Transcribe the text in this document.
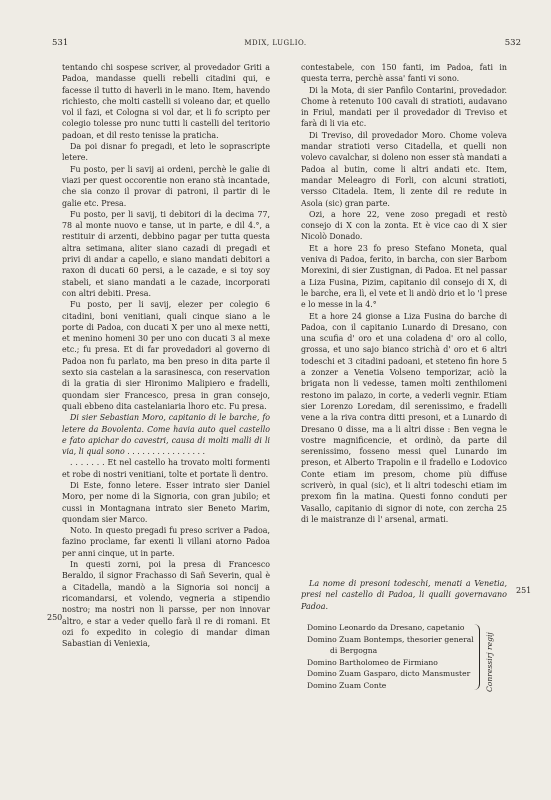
531	MDIX, LUGLIO.	532

tentando chi sospese scriver, al provedador Griti a Padoa, mandasse quelli rebelli citadini qui, e facesse il tutto di haverli in le mano. Item, havendo richiesto, che molti castelli si voleano dar, et quello vol il fazi, et Cologna si vol dar, et li fo scripto per colegio tolesse pro nunc tutti li castelli del teritorio padoan, et dil resto tenisse la praticha.

Da poi disnar fo pregadi, et leto le soprascripte letere.

Fu posto, per li savij ai ordeni, perchè le galie di viazi per quest occorentie non erano stà incantade, che sia conzo il provar di patroni, il partir di le galie etc. Presa.

Fu posto, per li savij, ti debitori di la decima 77, 78 al monte nuovo e tanse, ut in parte, e dil 4.°, a restituir di arzenti, debbino pagar per tutta questa altra setimana, aliter siano cazadi di pregadi et privi di andar a capello, e siano mandati debitori a raxon di ducati 60 persi, a le cazade, e si toy soy stabeli, et siano mandati a le cazade, incorporati con altri debiti. Presa.

Fu posto, per li savij, elezer per colegio 6 citadini, boni venitiani, quali cinque siano a le porte di Padoa, con ducati X per uno al mexe netti, et menino homeni 30 per uno con ducati 3 al mexe etc.; fu presa. Et di far provedadori al governo di Padoa non fu parlato, ma ben preso in dita parte il sexto sia castelan a la sarasinesca, con reservation di la gratia di sier Hironimo Malipiero e fradelli, quondam sier Francesco, presa in gran consejo, quali ebbeno dita castelaniaria lhoro etc. Fu presa.

Di sier Sebastian Moro, capitanio di le barche, fo letere da Bovolenta. Come havia auto quel castello e fato apichar do cavestri, causa di molti malli di li via, li qual sono . . . . . . . . . . . . . . . .

. . . . . . . Et nel castello ha trovato molti formenti et robe di nostri venitiani, tolte et portate lì dentro.

Di Este, fonno letere. Esser intrato sier Daniel Moro, per nome di la Signoria, con gran jubilo; et cussi in Montagnana intrato sier Beneto Marim, quondam sier Marco.

Noto. In questo pregadi fu preso scriver a Padoa, fazino proclame, far exenti li villani atorno Padoa per anni cinque, ut in parte.

In questi zorni, poi la presa di Francesco Beraldo, il signor Frachasso di Sañ Severin, qual è a Citadella, mandò a la Signoria soi noncij a ricomandarsi, et volendo, vegneria a stipendio nostro; ma nostri non li parsse, per non innovar altro, e star a veder quello farà il re di romani. Et ozi fo expedito in colegio di mandar diman Sabastian di Veniexia,

250

contestabele, con 150 fanti, im Padoa, fati in questa terra, perchè assa' fanti vi sono.

Di la Mota, di sier Panfilo Contarini, provedador. Chome à retenuto 100 cavali di stratioti, audavano in Friul, mandati per il provedador di Treviso et farà di li via etc.

Di Treviso, dil provedador Moro. Chome voleva mandar stratioti verso Citadella, et quelli non volevo cavalchar, si doleno non esser stà mandati a Padoa al butin, come li altri andati etc. Item, mandar Meleagro di Forli, con alcuni stratioti, versso Citadela. Item, li zente dil re redute in Asola (sic) gran parte.

Ozi, a hore 22, vene zoso pregadi et restò consejo di X con la zonta. Et è vice cao di X sier Nicolò Donado.

Et a hore 23 fo preso Stefano Moneta, qual veniva di Padoa, ferito, in barcha, con sier Barbom Morexini, di sier Zustignan, di Padoa. Et nel passar a Liza Fusina, Pizim, capitanio dil consejo di X, di le barche, era lì, el vete et li andò drio et lo 'l prese e lo messe in la 4.°

Et a hore 24 gionse a Liza Fusina do barche di Padoa, con il capitanio Lunardo di Dresano, con una scufia d' oro et una coladena d' oro al collo, grossa, et uno sajo bianco strichà d' oro et 6 altri todeschi et 3 citadini padoani, et steteno fin hore 5 a zonzer a Venetia Volseno temporizar, aciò la brigata non li vedesse, tamen molti zenthilomeni restono im palazo, in corte, a vederli vegnir. Etiam sier Lorenzo Loredam, dil serenissimo, e fradelli vene a la riva contra ditti presoni, et a Lunardo di Dresano 0 disse, ma a li altri disse : Ben vegna le vostre magnificencie, et ordinò, da parte dil serenissimo, fosseno messi quel Lunardo im preson, et Alberto Trapolin e il fradello e Lodovico Conte etiam im presom, chome più diffuse scriverò, in qual (sic), et li altri todeschi etiam im prexom fin la matina. Questi fonno conduti per Vasallo, capitanio di signor di note, con zercha 25 di le maistranze di l' arsenal, armati.

La nome di presoni todeschi, menati a Venetia, presi nel castello di Padoa, li qualli governavano Padoa.
251
Domino Leonardo da Dresano, capetanio
Domino Zuam Bontemps, thesorier general
di Bergogna
Domino Bartholomeo de Firmiano
Domino Zuam Gasparo, dicto Mansmuster
Domino Zuam Conte	Conressirj regij
